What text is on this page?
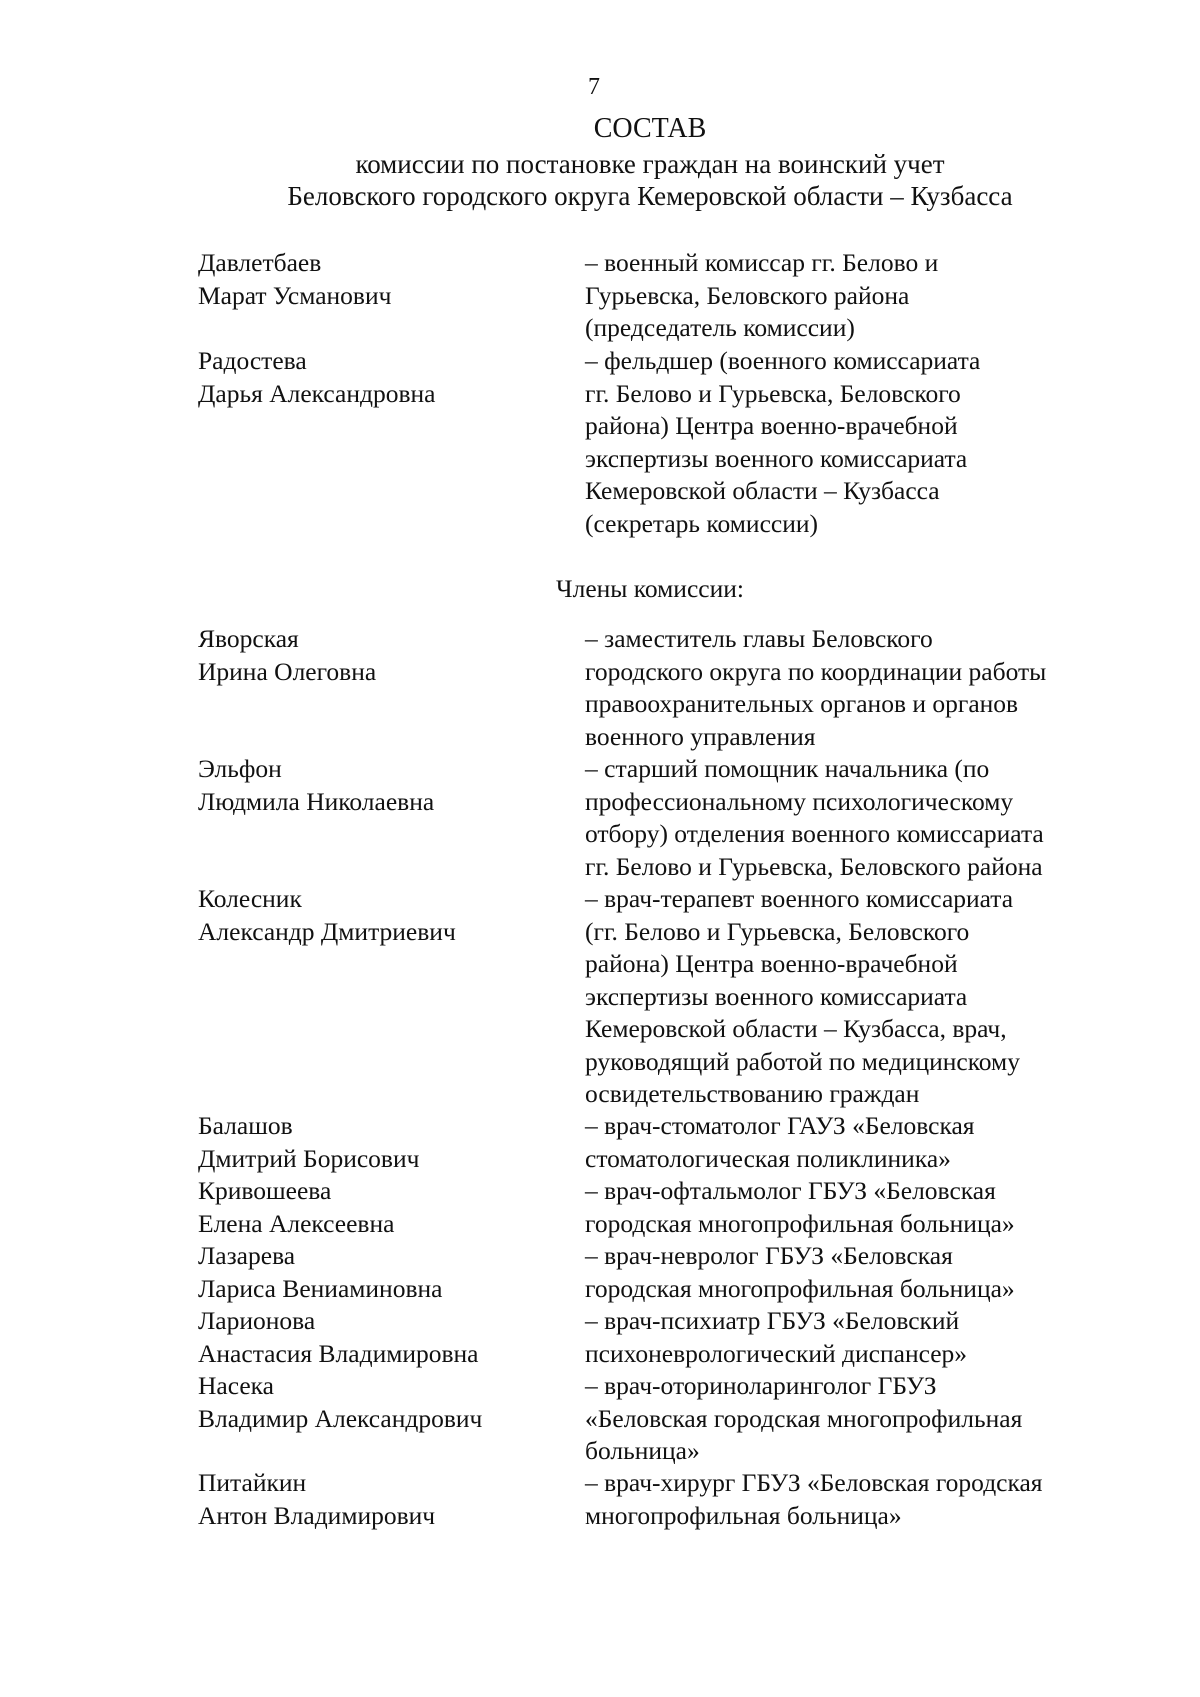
7
СОСТАВ
комиссии по постановке граждан на воинский учет
Беловского городского округа Кемеровской области – Кузбасса
Давлетбаев
Марат Усманович
– военный комиссар гг. Белово и
Гурьевска, Беловского района
(председатель комиссии)
Радостева
Дарья Александровна
– фельдшер (военного комиссариата
гг. Белово и Гурьевска, Беловского
района) Центра военно-врачебной
экспертизы военного комиссариата
Кемеровской области – Кузбасса
(секретарь комиссии)
Члены комиссии:
Яворская
Ирина Олеговна
– заместитель главы Беловского
городского округа по координации работы
правоохранительных органов и органов
военного управления
Эльфон
Людмила Николаевна
– старший помощник начальника (по
профессиональному психологическому
отбору) отделения военного комиссариата
гг. Белово и Гурьевска, Беловского района
Колесник
Александр Дмитриевич
– врач-терапевт военного комиссариата
(гг. Белово и Гурьевска, Беловского
района) Центра военно-врачебной
экспертизы военного комиссариата
Кемеровской области – Кузбасса, врач,
руководящий работой по медицинскому
освидетельствованию граждан
Балашов
Дмитрий Борисович
– врач-стоматолог ГАУЗ «Беловская
стоматологическая поликлиника»
Кривошеева
Елена Алексеевна
– врач-офтальмолог ГБУЗ «Беловская
городская многопрофильная больница»
Лазарева
Лариса Вениаминовна
– врач-невролог ГБУЗ «Беловская
городская многопрофильная больница»
Ларионова
Анастасия Владимировна
– врач-психиатр ГБУЗ «Беловский
психоневрологический диспансер»
Насека
Владимир Александрович
– врач-оториноларинголог ГБУЗ
«Беловская городская многопрофильная
больница»
Питайкин
Антон Владимирович
– врач-хирург ГБУЗ «Беловская городская
многопрофильная больница»
